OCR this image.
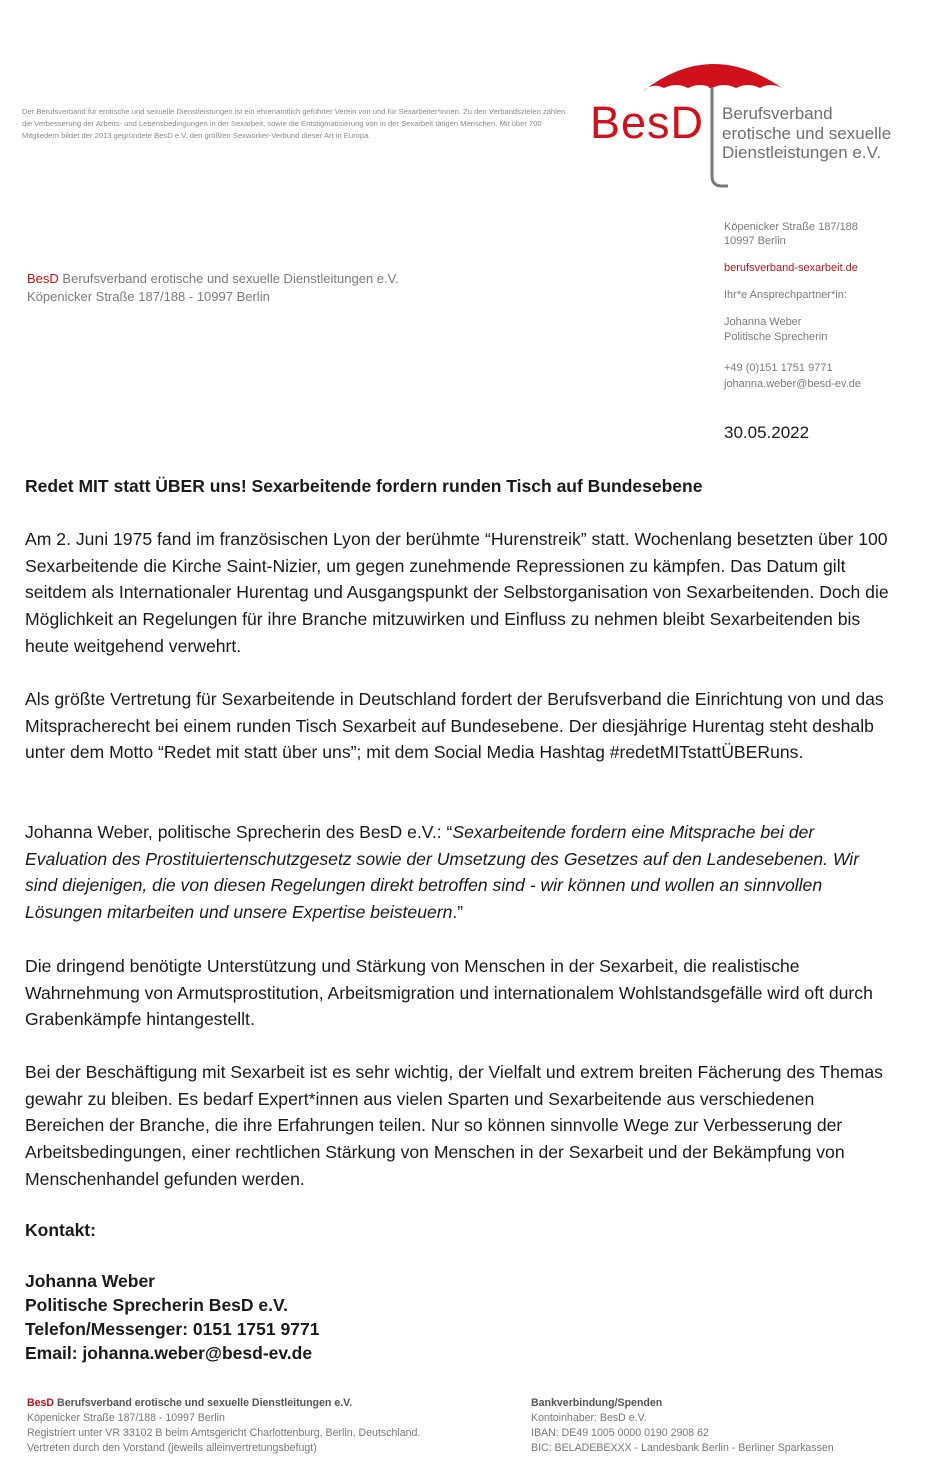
Der Berufsverband für erotische und sexuelle Dienstleistungen ist ein ehrenamtlich geführter Verein von und für Sexarbeiter*innen. Zu den Verbandszielen zählen die Verbesserung der Arbeits- und Lebensbedingungen in der Sexarbeit, sowie die Entstigmatisierung von in der Sexarbeit tätigen Menschen. Mit über 700 Mitgliedern bildet der 2013 gegründete BesD e.V. den größten Sexworker-Verbund dieser Art in Europa.	BesD Berufsverband
erotische und sexuelle
Dienstleistungen e.V.
BesD Berufsverband erotische und sexuelle Dienstleitungen e.V.
Köpenicker Straße 187/188 - 10997 Berlin
Köpenicker Straße 187/188
10997 Berlin
berufsverband-sexarbeit.de
Ihr*e Ansprechpartner*in:
Johanna Weber
Politische Sprecherin
+49 (0)151 1751 9771
johanna.weber@besd-ev.de
30.05.2022
Redet MIT statt ÜBER uns! Sexarbeitende fordern runden Tisch auf Bundesebene
Am 2. Juni 1975 fand im französischen Lyon der berühmte “Hurenstreik” statt. Wochenlang besetzten über 100 Sexarbeitende die Kirche Saint-Nizier, um gegen zunehmende Repressionen zu kämpfen. Das Datum gilt seitdem als Internationaler Hurentag und Ausgangspunkt der Selbstorganisation von Sexarbeitenden. Doch die Möglichkeit an Regelungen für ihre Branche mitzuwirken und Einfluss zu nehmen bleibt Sexarbeitenden bis heute weitgehend verwehrt.
Als größte Vertretung für Sexarbeitende in Deutschland fordert der Berufsverband die Einrichtung von und das Mitspracherecht bei einem runden Tisch Sexarbeit auf Bundesebene. Der diesjährige Hurentag steht deshalb unter dem Motto “Redet mit statt über uns”; mit dem Social Media Hashtag #redetMITstattÜBERuns.
Johanna Weber, politische Sprecherin des BesD e.V.: “Sexarbeitende fordern eine Mitsprache bei der Evaluation des Prostituiertenschutzgesetz sowie der Umsetzung des Gesetzes auf den Landesebenen. Wir sind diejenigen, die von diesen Regelungen direkt betroffen sind - wir können und wollen an sinnvollen Lösungen mitarbeiten und unsere Expertise beisteuern.”
Die dringend benötigte Unterstützung und Stärkung von Menschen in der Sexarbeit, die realistische Wahrnehmung von Armutsprostitution, Arbeitsmigration und internationalem Wohlstandsgefälle wird oft durch Grabenkämpfe hintangestellt.
Bei der Beschäftigung mit Sexarbeit ist es sehr wichtig, der Vielfalt und extrem breiten Fächerung des Themas gewahr zu bleiben. Es bedarf Expert*innen aus vielen Sparten und Sexarbeitende aus verschiedenen Bereichen der Branche, die ihre Erfahrungen teilen. Nur so können sinnvolle Wege zur Verbesserung der Arbeitsbedingungen, einer rechtlichen Stärkung von Menschen in der Sexarbeit und der Bekämpfung von Menschenhandel gefunden werden.
Kontakt:
Johanna Weber
Politische Sprecherin BesD e.V.
Telefon/Messenger: 0151 1751 9771
Email: johanna.weber@besd-ev.de
BesD Berufsverband erotische und sexuelle Dienstleitungen e.V.
Köpenicker Straße 187/188 - 10997 Berlin
Registriert unter VR 33102 B beim Amtsgericht Charlottenburg, Berlin, Deutschland.
Vertreten durch den Vorstand (jeweils alleinvertretungsbefugt)
Bankverbindung/Spenden
Kontoinhaber: BesD e.V.
IBAN: DE49 1005 0000 0190 2908 62
BIC: BELADEBEXXX - Landesbank Berlin - Berliner Sparkassen
